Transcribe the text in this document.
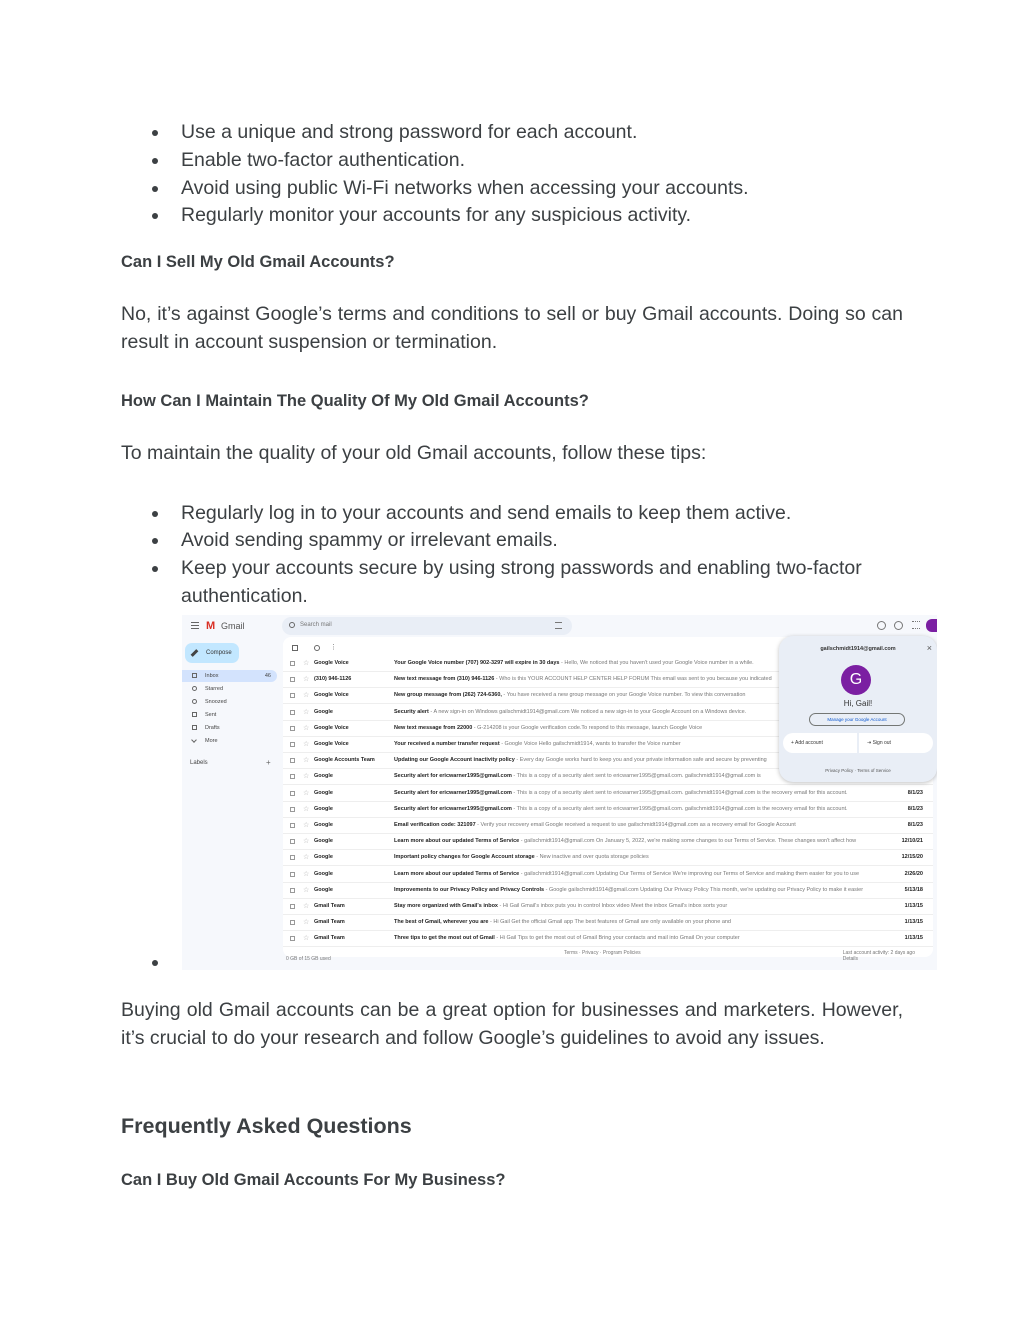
Use a unique and strong password for each account.
Enable two-factor authentication.
Avoid using public Wi-Fi networks when accessing your accounts.
Regularly monitor your accounts for any suspicious activity.
Can I Sell My Old Gmail Accounts?
No, it’s against Google’s terms and conditions to sell or buy Gmail accounts. Doing so can result in account suspension or termination.
How Can I Maintain The Quality Of My Old Gmail Accounts?
To maintain the quality of your old Gmail accounts, follow these tips:
Regularly log in to your accounts and send emails to keep them active.
Avoid sending spammy or irrelevant emails.
Keep your accounts secure by using strong passwords and enabling two-factor authentication.
M Gmail	Search mail
Compose
Inbox	46
Starred
Snoozed
Sent
Drafts
More
Labels	+
⋮
☆ Google Voice	Your Google Voice number (707) 902-3297 will expire in 30 days - Hello, We noticed that you haven't used your Google Voice number in a while.
☆ (310) 946-1126	New text message from (310) 946-1126 - Who is this YOUR ACCOUNT HELP CENTER HELP FORUM This email was sent to you because you indicated
☆ Google Voice	New group message from (262) 724-6360, - You have received a new group message on your Google Voice number. To view this conversation
☆ Google	Security alert - A new sign-in on Windows gailschmidt1914@gmail.com We noticed a new sign-in to your Google Account on a Windows device.
☆ Google Voice	New text message from 22000 - G-214208 is your Google verification code.To respond to this message, launch Google Voice
☆ Google Voice	Your received a number transfer request - Google Voice Hello gailschmidt1914, wants to transfer the Voice number
☆ Google Accounts Team	Updating our Google Account inactivity policy - Every day Google works hard to keep you and your private information safe and secure by preventing
☆ Google	Security alert for ericwarner1995@gmail.com - This is a copy of a security alert sent to ericwarner1995@gmail.com. gailschmidt1914@gmail.com is
☆ Google	Security alert for ericwarner1995@gmail.com - This is a copy of a security alert sent to ericwarner1995@gmail.com. gailschmidt1914@gmail.com is the recovery email for this account.	8/1/23
☆ Google	Security alert for ericwarner1995@gmail.com - This is a copy of a security alert sent to ericwarner1995@gmail.com. gailschmidt1914@gmail.com is the recovery email for this account.	8/1/23
☆ Google	Email verification code: 321097 - Verify your recovery email Google received a request to use gailschmidt1914@gmail.com as a recovery email for Google Account	8/1/23
☆ Google	Learn more about our updated Terms of Service - gailschmidt1914@gmail.com On January 5, 2022, we're making some changes to our Terms of Service. These changes won't affect how	12/10/21
☆ Google	Important policy changes for Google Account storage - New inactive and over quota storage policies	12/15/20
☆ Google	Learn more about our updated Terms of Service - gailschmidt1914@gmail.com Updating Our Terms of Service We're improving our Terms of Service and making them easier for you to use	2/26/20
☆ Google	Improvements to our Privacy Policy and Privacy Controls - Google gailschmidt1914@gmail.com Updating Our Privacy Policy This month, we're updating our Privacy Policy to make it easier	5/13/18
☆ Gmail Team	Stay more organized with Gmail's inbox - Hi Gail Gmail's inbox puts you in control Inbox video Meet the inbox Gmail's inbox sorts your	1/13/15
☆ Gmail Team	The best of Gmail, wherever you are - Hi Gail Get the official Gmail app The best features of Gmail are only available on your phone and	1/13/15
☆ Gmail Team	Three tips to get the most out of Gmail - Hi Gail Tips to get the most out of Gmail Bring your contacts and mail into Gmail On your computer	1/13/15
0 GB of 15 GB used
Terms · Privacy · Program Policies	Last account activity: 2 days ago
Details
gailschmidt1914@gmail.com	×
G
Hi, Gail!
Manage your Google Account
+ Add account	⇥ Sign out
Privacy Policy · Terms of Service
Buying old Gmail accounts can be a great option for businesses and marketers. However, it’s crucial to do your research and follow Google’s guidelines to avoid any issues.
Frequently Asked Questions
Can I Buy Old Gmail Accounts For My Business?
